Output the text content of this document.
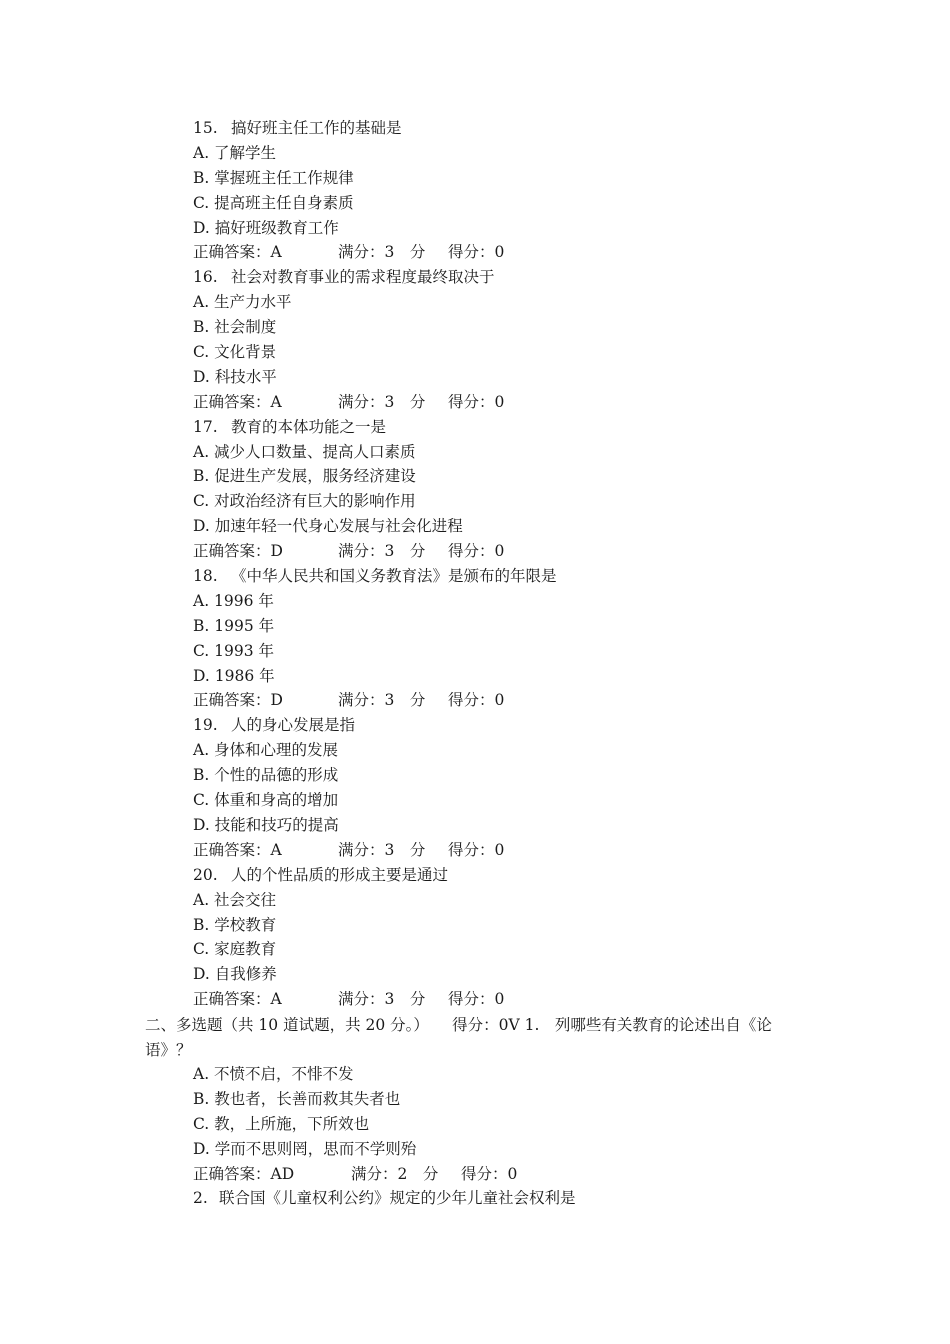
15. 搞好班主任工作的基础是
A. 了解学生
B. 掌握班主任工作规律
C. 提高班主任自身素质
D. 搞好班级教育工作
正确答案：A	满分：3　分 得分：0
16. 社会对教育事业的需求程度最终取决于
A. 生产力水平
B. 社会制度
C. 文化背景
D. 科技水平
正确答案：A	满分：3　分 得分：0
17. 教育的本体功能之一是
A. 减少人口数量、提高人口素质
B. 促进生产发展，服务经济建设
C. 对政治经济有巨大的影响作用
D. 加速年轻一代身心发展与社会化进程
正确答案：D	满分：3　分 得分：0
18. 《中华人民共和国义务教育法》是颁布的年限是
A. 1996 年
B. 1995 年
C. 1993 年
D. 1986 年
正确答案：D	满分：3　分 得分：0
19. 人的身心发展是指
A. 身体和心理的发展
B. 个性的品德的形成
C. 体重和身高的增加
D. 技能和技巧的提高
正确答案：A	满分：3　分 得分：0
20. 人的个性品质的形成主要是通过
A. 社会交往
B. 学校教育
C. 家庭教育
D. 自我修养
正确答案：A	满分：3　分 得分：0
二、多选题（共 10 道试题，共 20 分。）　　得分：0V 1.　列哪些有关教育的论述出自《论语》？
A. 不愤不启，不悱不发
B. 教也者，长善而救其失者也
C. 教，上所施，下所效也
D. 学而不思则罔，思而不学则殆
正确答案：AD	满分：2　分 得分：0
2. 联合国《儿童权利公约》规定的少年儿童社会权利是
